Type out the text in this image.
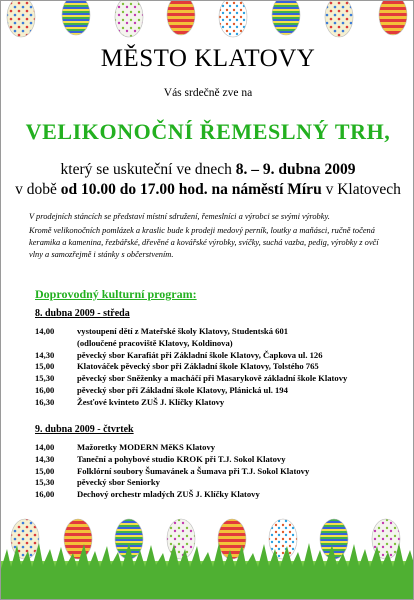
MĚSTO KLATOVY
Vás srdečně zve na
VELIKONOČNÍ ŘEMESLNÝ TRH,
který se uskuteční ve dnech 8. – 9. dubna 2009
v době od 10.00 do 17.00 hod. na náměstí Míru v Klatovech
V prodejních stáncích se představí místní sdružení, řemeslníci a výrobci se svými výrobky.
Kromě velikonočních pomlázek a kraslic bude k prodeji medový perník, loutky a maňásci, ručně točená keramika a kamenina, řezbářské, dřevěné a kovářské výrobky, svíčky, suchá vazba, pedig, výrobky z ovčí vlny a samozřejmě i stánky s občerstvením.
Doprovodný kulturní program:
8. dubna 2009 - středa
14,00	vystoupení dětí z Mateřské školy Klatovy, Studentská 601
(odloučené pracoviště Klatovy, Koldinova)
14,30	pěvecký sbor Karafiát při Základní škole Klatovy, Čapkova ul. 126
15,00	Klatováček pěvecký sbor při Základní škole Klatovy, Tolstého 765
15,30	pěvecký sbor Sněženky a macháčí při Masarykově základní škole Klatovy
16,00	pěvecký sbor při Základní škole Klatovy, Plánická ul. 194
16,30	Žesťové kvinteto ZUŠ J. Klíčky Klatovy
9. dubna 2009 - čtvrtek
14,00	Mažoretky MODERN MěKS Klatovy
14,30	Taneční a pohybové studio KROK při T.J. Sokol Klatovy
15,00	Folklórní soubory Šumavánek a Šumava při T.J. Sokol Klatovy
15,30	pěvecký sbor Seniorky
16,00	Dechový orchestr mladých ZUŠ J. Klíčky Klatovy
